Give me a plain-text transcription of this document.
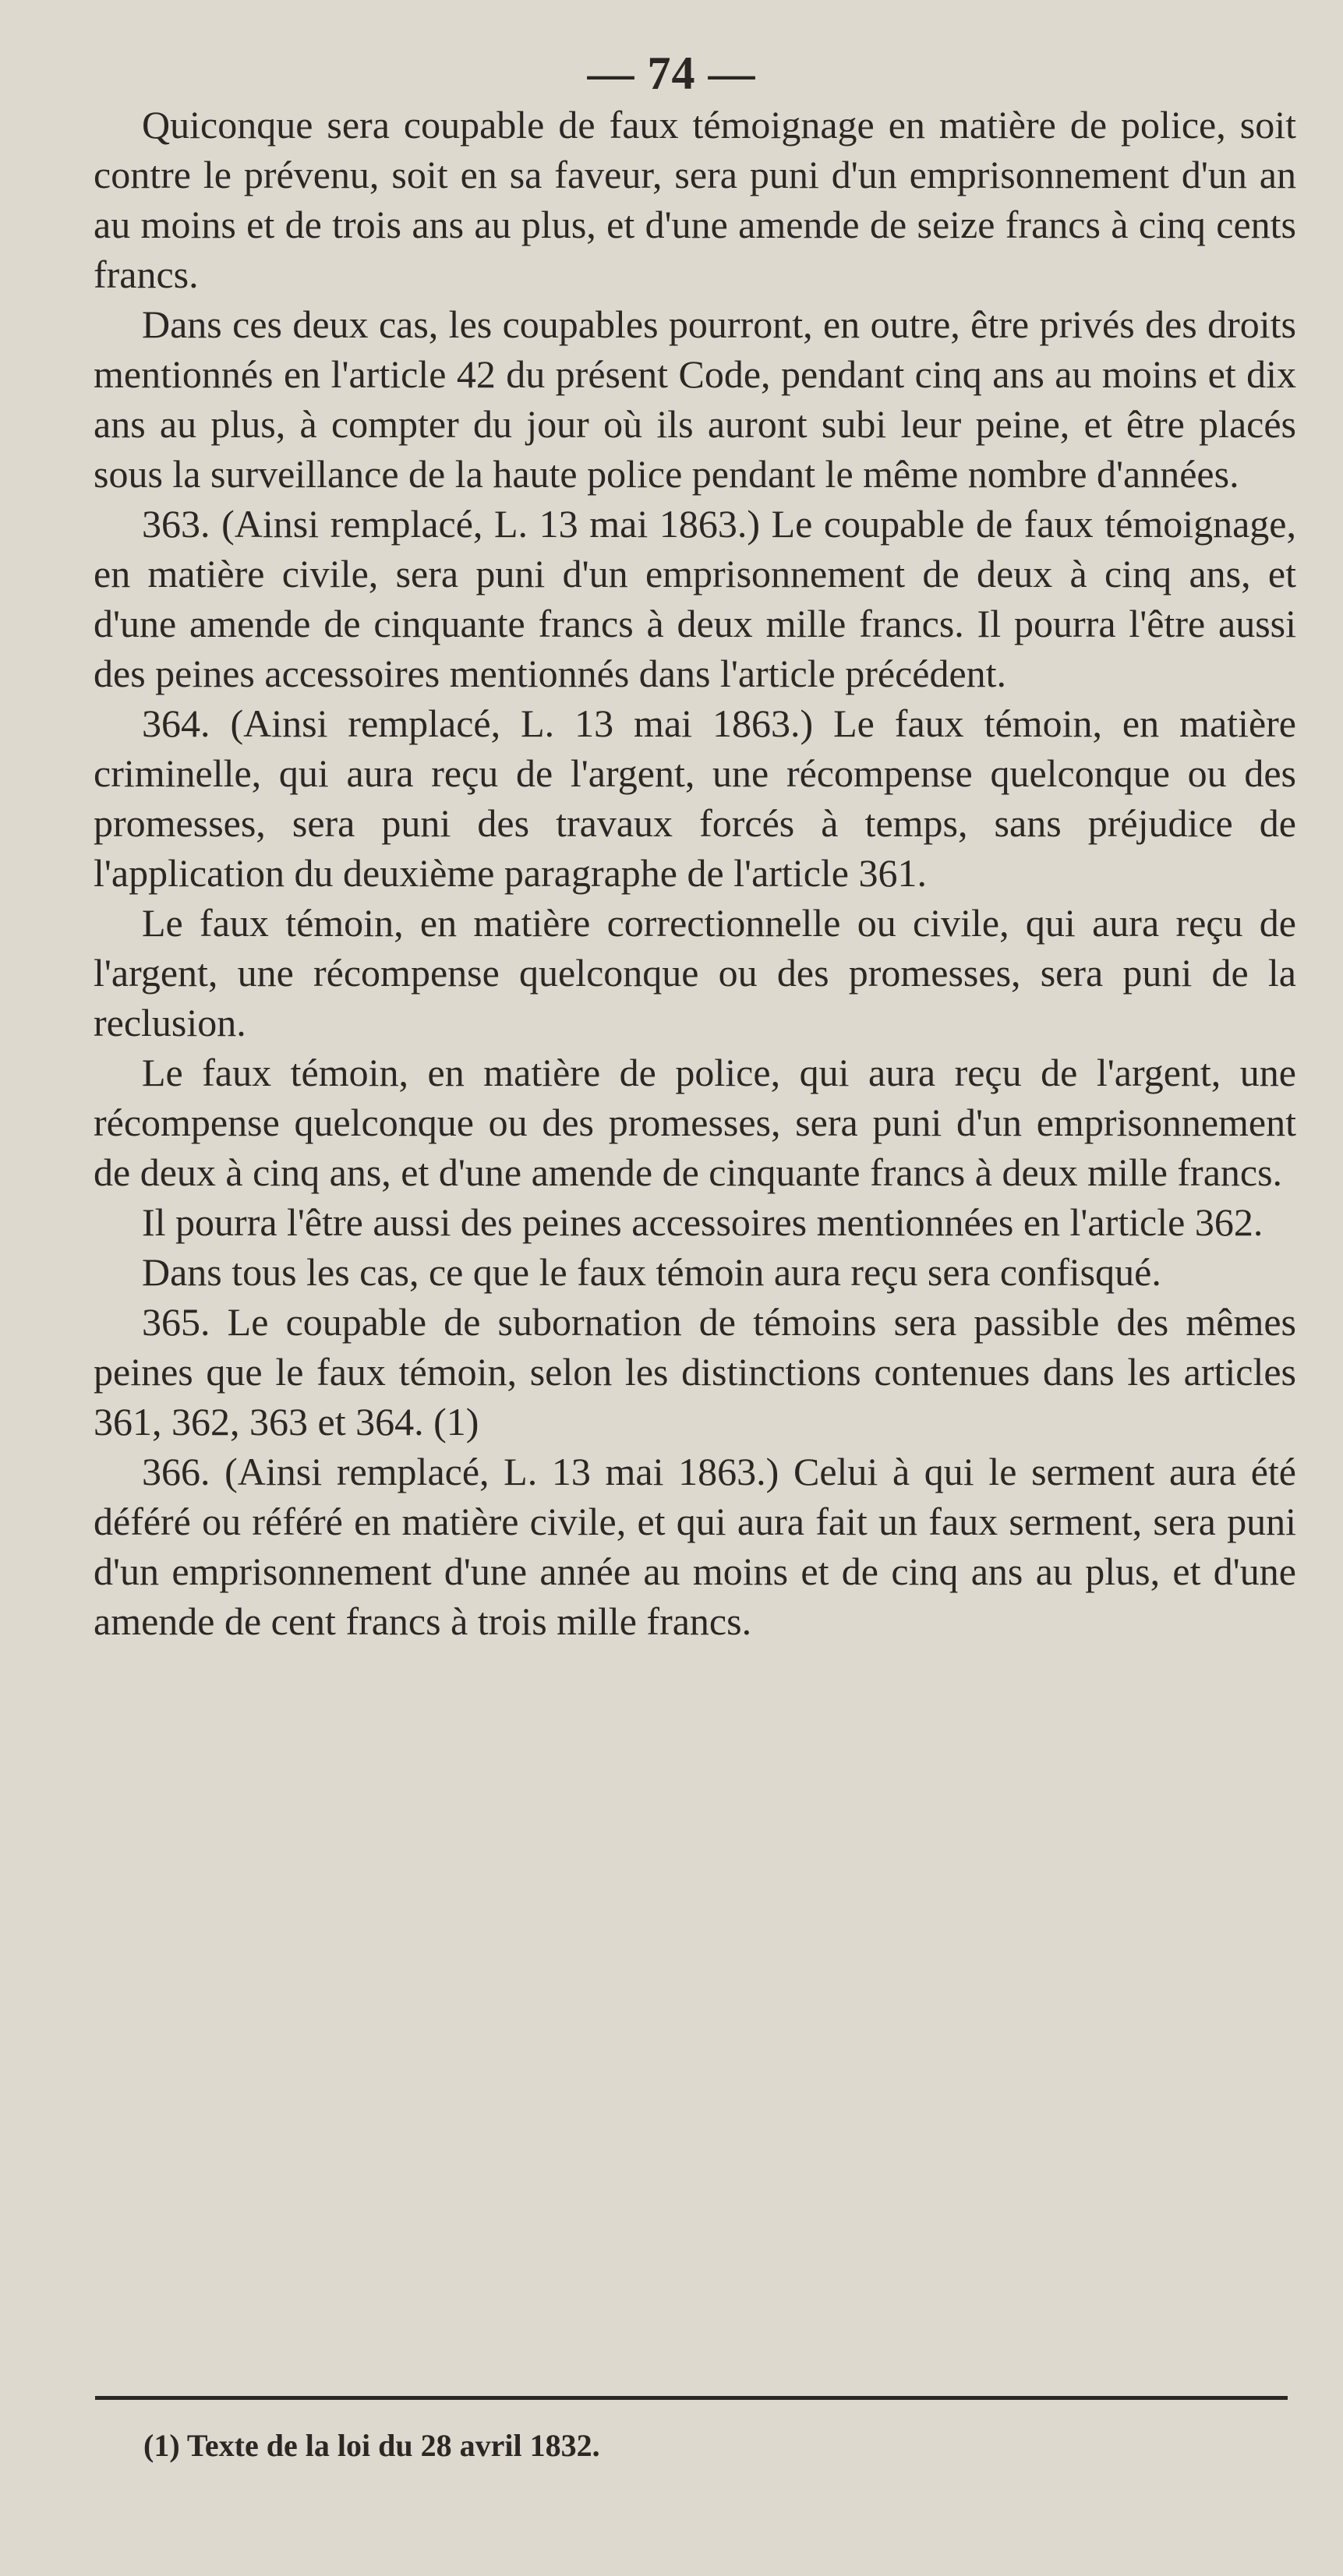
— 74 —

Quiconque sera coupable de faux témoignage en matière de police, soit contre le prévenu, soit en sa faveur, sera puni d'un emprisonnement d'un an au moins et de trois ans au plus, et d'une amende de seize francs à cinq cents francs.

Dans ces deux cas, les coupables pourront, en outre, être privés des droits mentionnés en l'article 42 du présent Code, pendant cinq ans au moins et dix ans au plus, à compter du jour où ils auront subi leur peine, et être placés sous la surveillance de la haute police pendant le même nombre d'années.

363. (Ainsi remplacé, L. 13 mai 1863.) Le coupable de faux témoignage, en matière civile, sera puni d'un emprisonnement de deux à cinq ans, et d'une amende de cinquante francs à deux mille francs. Il pourra l'être aussi des peines accessoires mentionnés dans l'article précédent.

364. (Ainsi remplacé, L. 13 mai 1863.) Le faux témoin, en matière criminelle, qui aura reçu de l'argent, une récompense quelconque ou des promesses, sera puni des travaux forcés à temps, sans préjudice de l'application du deuxième paragraphe de l'article 361.

Le faux témoin, en matière correctionnelle ou civile, qui aura reçu de l'argent, une récompense quelconque ou des promesses, sera puni de la reclusion.

Le faux témoin, en matière de police, qui aura reçu de l'argent, une récompense quelconque ou des promesses, sera puni d'un emprisonnement de deux à cinq ans, et d'une amende de cinquante francs à deux mille francs.

Il pourra l'être aussi des peines accessoires mentionnées en l'article 362.

Dans tous les cas, ce que le faux témoin aura reçu sera confisqué.

365. Le coupable de subornation de témoins sera passible des mêmes peines que le faux témoin, selon les distinctions contenues dans les articles 361, 362, 363 et 364. (1)

366. (Ainsi remplacé, L. 13 mai 1863.) Celui à qui le serment aura été déféré ou référé en matière civile, et qui aura fait un faux serment, sera puni d'un emprisonnement d'une année au moins et de cinq ans au plus, et d'une amende de cent francs à trois mille francs.

(1) Texte de la loi du 28 avril 1832.
